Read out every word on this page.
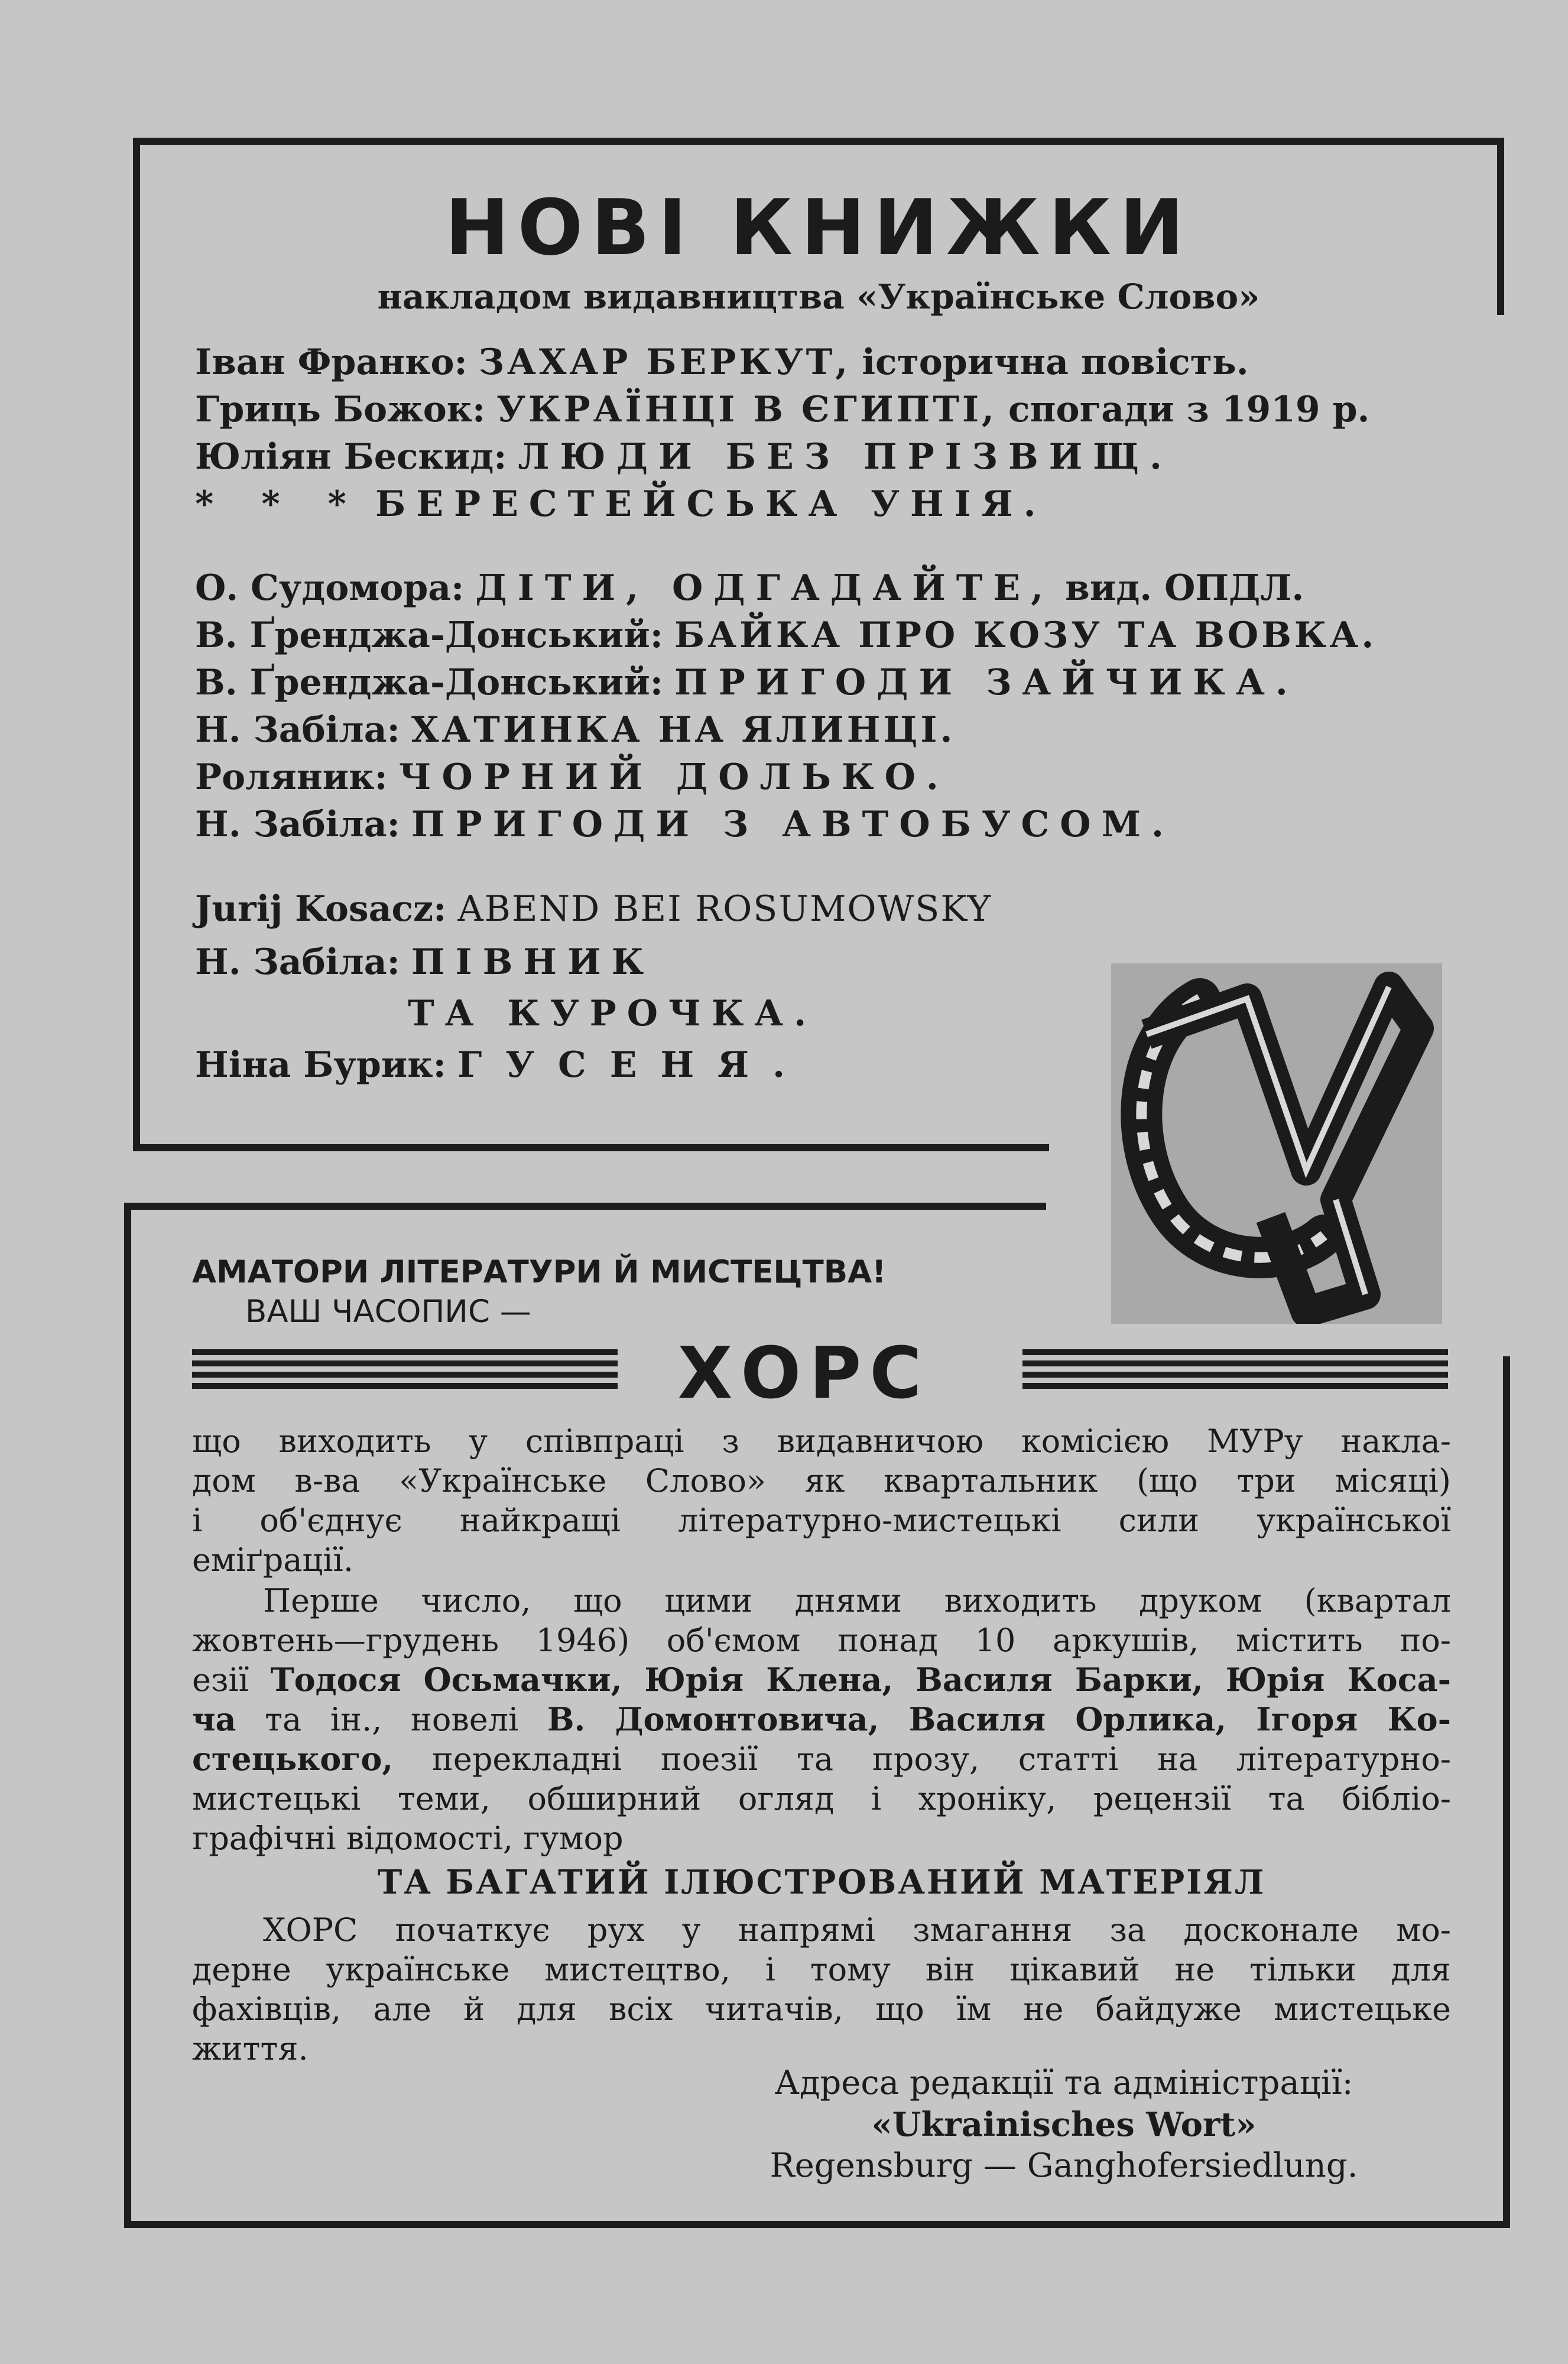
НОВІ КНИЖКИ
накладом видавництва «Українське Слово»
Іван Франко: ЗАХАР БЕРКУТ, історична повість.
Гриць Божок: УКРАЇНЦІ В ЄГИПТІ, спогади з 1919 р.
Юліян Бескид: ЛЮДИ БЕЗ ПРІЗВИЩ.
* * * БЕРЕСТЕЙСЬКА УНІЯ.
О. Судомора: ДІТИ, ОДГАДАЙТЕ, вид. ОПДЛ.
В. Ґренджа-Донський: БАЙКА ПРО КОЗУ ТА ВОВКА.
В. Ґренджа-Донський: ПРИГОДИ ЗАЙЧИКА.
Н. Забіла: ХАТИНКА НА ЯЛИНЦІ.
Роляник: ЧОРНИЙ ДОЛЬКО.
Н. Забіла: ПРИГОДИ З АВТОБУСОМ.
Jurij Kosacz: ABEND BEI ROSUMOWSKY
Н. Забіла: ПІВНИК
ТА КУРОЧКА.
Ніна Бурик: ГУСЕНЯ.
АМАТОРИ ЛІТЕРАТУРИ Й МИСТЕЦТВА!
ВАШ ЧАСОПИС —
ХОРС
що виходить у співпраці з видавничою комісією МУРу накла-
дом в-ва «Українське Слово» як квартальник (що три місяці)
і об'єднує найкращі літературно-мистецькі сили української
еміґрації.
Перше число, що цими днями виходить друком (квартал
жовтень—грудень 1946) об'ємом понад 10 аркушів, містить по-
езії Тодося Осьмачки, Юрія Клена, Василя Барки, Юрія Коса-
ча та ін., новелі В. Домонтовича, Василя Орлика, Ігоря Ко-
стецького, перекладні поезії та прозу, статті на літературно-
мистецькі теми, обширний огляд і хроніку, рецензії та бібліо-
графічні відомості, гумор
ТА БАГАТИЙ ІЛЮСТРОВАНИЙ МАТЕРІЯЛ
ХОРС початкує рух у напрямі змагання за досконале мо-
дерне українське мистецтво, і тому він цікавий не тільки для
фахівців, але й для всіх читачів, що їм не байдуже мистецьке
життя.
Адреса редакції та адміністрації:
«Ukrainisches Wort»
Regensburg — Ganghofersiedlung.
